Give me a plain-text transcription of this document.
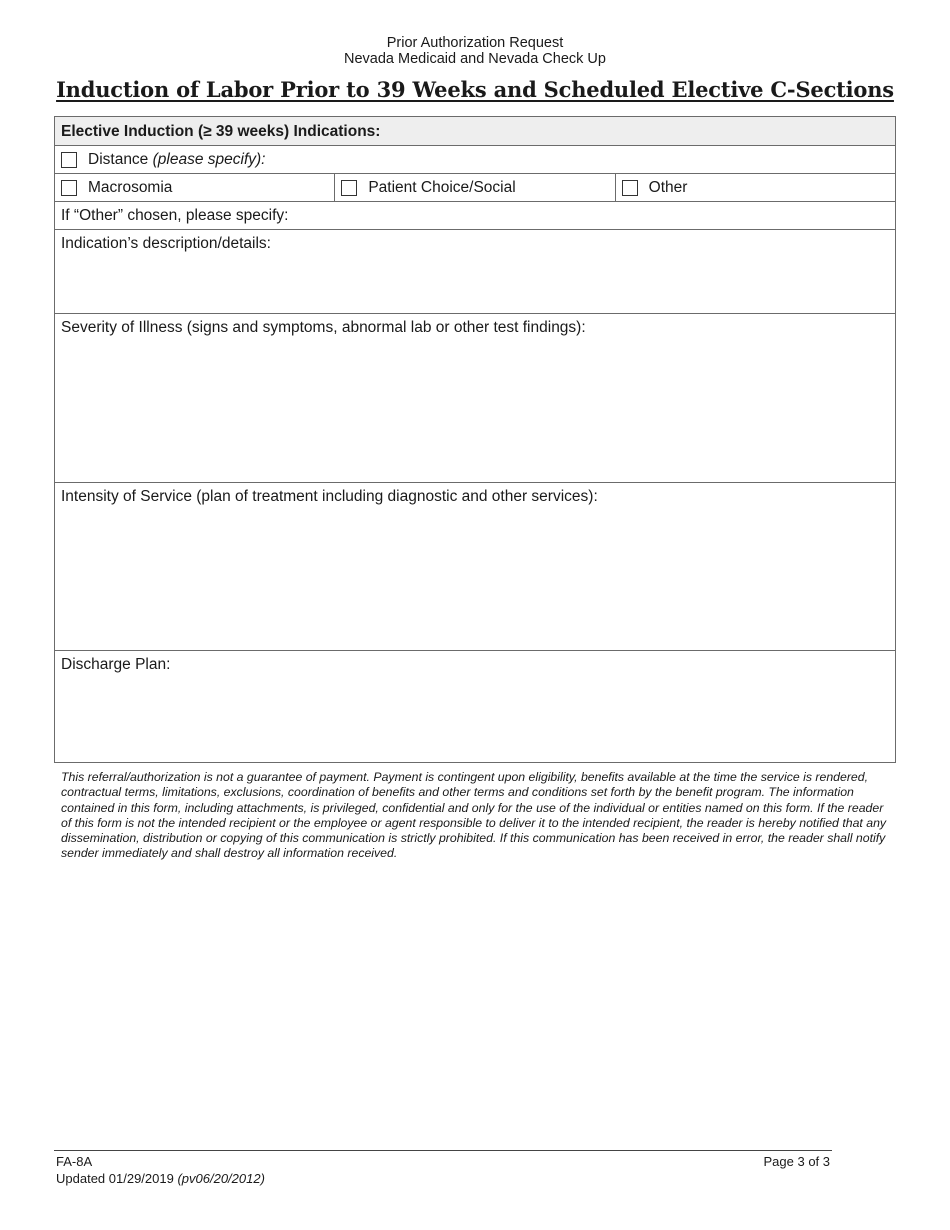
Prior Authorization Request
Nevada Medicaid and Nevada Check Up
Induction of Labor Prior to 39 Weeks and Scheduled Elective C-Sections
Elective Induction (≥ 39 weeks) Indications:
Distance
(please specify):
Macrosomia	Patient Choice/Social	Other
If “Other” chosen, please specify:
Indication’s description/details:
Severity of Illness (signs and symptoms, abnormal lab or other test findings):
Intensity of Service (plan of treatment including diagnostic and other services):
Discharge Plan:
This referral/authorization is not a guarantee of payment. Payment is contingent upon eligibility, benefits available at the time the service is rendered, contractual terms, limitations, exclusions, coordination of benefits and other terms and conditions set forth by the benefit program. The information contained in this form, including attachments, is privileged, confidential and only for the use of the individual or entities named on this form. If the reader of this form is not the intended recipient or the employee or agent responsible to deliver it to the intended recipient, the reader is hereby notified that any dissemination, distribution or copying of this communication is strictly prohibited. If this communication has been received in error, the reader shall notify sender immediately and shall destroy all information received.
FA-8A
Updated 01/29/2019 (pv06/20/2012)
Page 3 of 3
